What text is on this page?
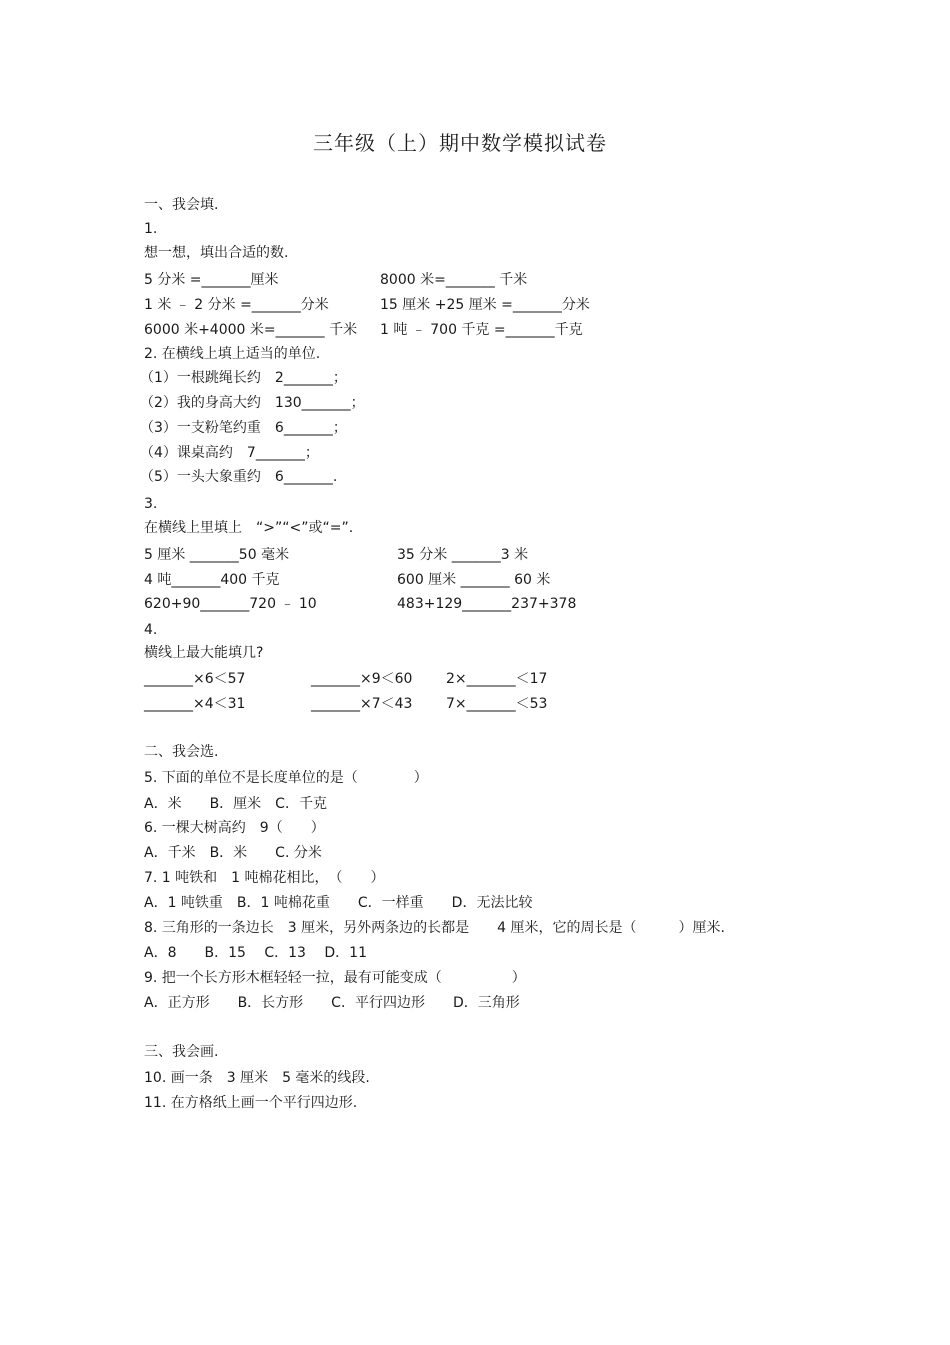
三年级（上）期中数学模拟试卷
一、我会填.
1.
想一想，填出合适的数.
5 分米 =_______厘米	8000 米=_______ 千米
1 米 ﹣ 2 分米 =_______分米	15 厘米 +25 厘米 =_______分米
6000 米+4000 米=_______ 千米 1 吨 ﹣ 700 千克 =_______千克
2. 在横线上填上适当的单位.
（1）一根跳绳长约　2_______；
（2）我的身高大约　130_______；
（3）一支粉笔约重　6_______；
（4）课桌高约　7_______；
（5）一头大象重约　6_______.
3.
在横线上里填上　“>”“<”或“=”.
5 厘米 _______50 毫米	35 分米 _______3 米
4 吨_______400 千克	600 厘米 _______ 60 米
620+90_______720 ﹣ 10	483+129_______237+378
4.
横线上最大能填几?
_______×6＜57	_______×9＜60 2×_______＜17
_______×4＜31	_______×7＜43 7×_______＜53
二、我会选.
5. 下面的单位不是长度单位的是（　　　　）
A．米　　B．厘米　C．千克
6. 一棵大树高约　9（　　）
A．千米　B．米　　C. 分米
7. 1 吨铁和　1 吨棉花相比，　（　　）
A．1 吨铁重　B．1 吨棉花重　　C．一样重　　D．无法比较
8. 三角形的一条边长　3 厘米，另外两条边的长都是　　4 厘米，它的周长是（　　　）厘米.
A．8　　B．15　 C．13　 D．11
9. 把一个长方形木框轻轻一拉，最有可能变成（　　　　　）
A．正方形　　B．长方形　　C．平行四边形　　D．三角形
三、我会画.
10. 画一条　3 厘米　5 毫米的线段.
11. 在方格纸上画一个平行四边形.
